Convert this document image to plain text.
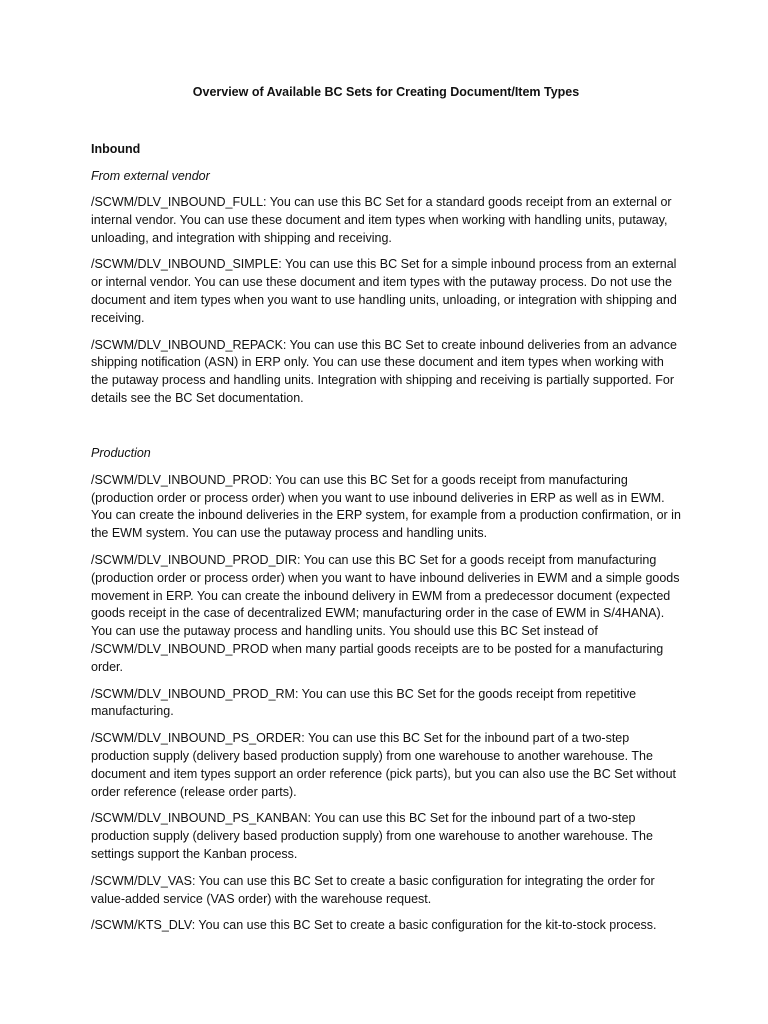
Overview of Available BC Sets for Creating Document/Item Types

Inbound

From external vendor

/SCWM/DLV_INBOUND_FULL: You can use this BC Set for a standard goods receipt from an external or internal vendor. You can use these document and item types when working with handling units, putaway, unloading, and integration with shipping and receiving.

/SCWM/DLV_INBOUND_SIMPLE: You can use this BC Set for a simple inbound process from an external or internal vendor. You can use these document and item types with the putaway process. Do not use the document and item types when you want to use handling units, unloading, or integration with shipping and receiving.

/SCWM/DLV_INBOUND_REPACK: You can use this BC Set to create inbound deliveries from an advance shipping notification (ASN) in ERP only. You can use these document and item types when working with the putaway process and handling units. Integration with shipping and receiving is partially supported. For details see the BC Set documentation.

Production

/SCWM/DLV_INBOUND_PROD: You can use this BC Set for a goods receipt from manufacturing (production order or process order) when you want to use inbound deliveries in ERP as well as in EWM. You can create the inbound deliveries in the ERP system, for example from a production confirmation, or in the EWM system. You can use the putaway process and handling units.

/SCWM/DLV_INBOUND_PROD_DIR: You can use this BC Set for a goods receipt from manufacturing (production order or process order) when you want to have inbound deliveries in EWM and a simple goods movement in ERP. You can create the inbound delivery in EWM from a predecessor document (expected goods receipt in the case of decentralized EWM; manufacturing order in the case of EWM in S/4HANA). You can use the putaway process and handling units. You should use this BC Set instead of /SCWM/DLV_INBOUND_PROD when many partial goods receipts are to be posted for a manufacturing order.

/SCWM/DLV_INBOUND_PROD_RM: You can use this BC Set for the goods receipt from repetitive manufacturing.

/SCWM/DLV_INBOUND_PS_ORDER: You can use this BC Set for the inbound part of a two-step production supply (delivery based production supply) from one warehouse to another warehouse. The document and item types support an order reference (pick parts), but you can also use the BC Set without order reference (release order parts).

/SCWM/DLV_INBOUND_PS_KANBAN: You can use this BC Set for the inbound part of a two-step production supply (delivery based production supply) from one warehouse to another warehouse. The settings support the Kanban process.

/SCWM/DLV_VAS: You can use this BC Set to create a basic configuration for integrating the order for value-added service (VAS order) with the warehouse request.

/SCWM/KTS_DLV: You can use this BC Set to create a basic configuration for the kit-to-stock process.
